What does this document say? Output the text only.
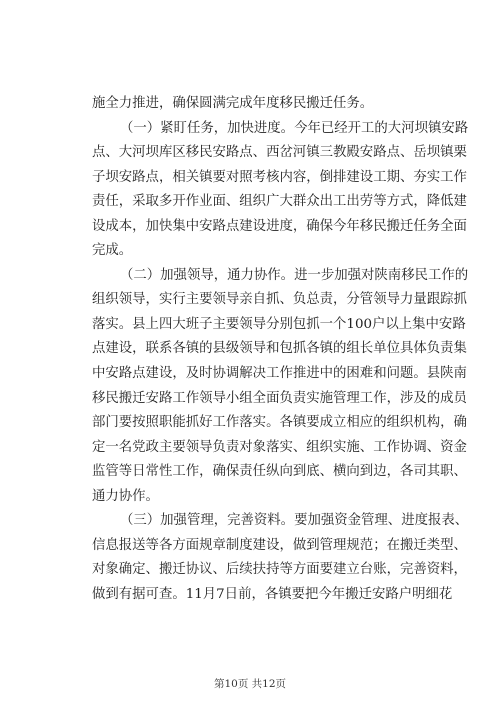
施全力推进，确保圆满完成年度移民搬迁任务。
（一）紧盯任务，加快进度。今年已经开工的大河坝镇安路
点、大河坝库区移民安路点、西岔河镇三教殿安路点、岳坝镇栗
子坝安路点，相关镇要对照考核内容，倒排建设工期、夯实工作
责任，采取多开作业面、组织广大群众出工出劳等方式，降低建
设成本，加快集中安路点建设进度，确保今年移民搬迁任务全面
完成。
（二）加强领导，通力协作。进一步加强对陕南移民工作的
组织领导，实行主要领导亲自抓、负总责，分管领导力量跟踪抓
落实。县上四大班子主要领导分别包抓一个100户以上集中安路
点建设，联系各镇的县级领导和包抓各镇的组长单位具体负责集
中安路点建设，及时协调解决工作推进中的困难和问题。县陕南
移民搬迁安路工作领导小组全面负责实施管理工作，涉及的成员
部门要按照职能抓好工作落实。各镇要成立相应的组织机构，确
定一名党政主要领导负责对象落实、组织实施、工作协调、资金
监管等日常性工作，确保责任纵向到底、横向到边，各司其职、
通力协作。
（三）加强管理，完善资料。要加强资金管理、进度报表、
信息报送等各方面规章制度建设，做到管理规范；在搬迁类型、
对象确定、搬迁协议、后续扶持等方面要建立台账，完善资料，
做到有据可查。11月7日前，各镇要把今年搬迁安路户明细花
第10页 共12页
